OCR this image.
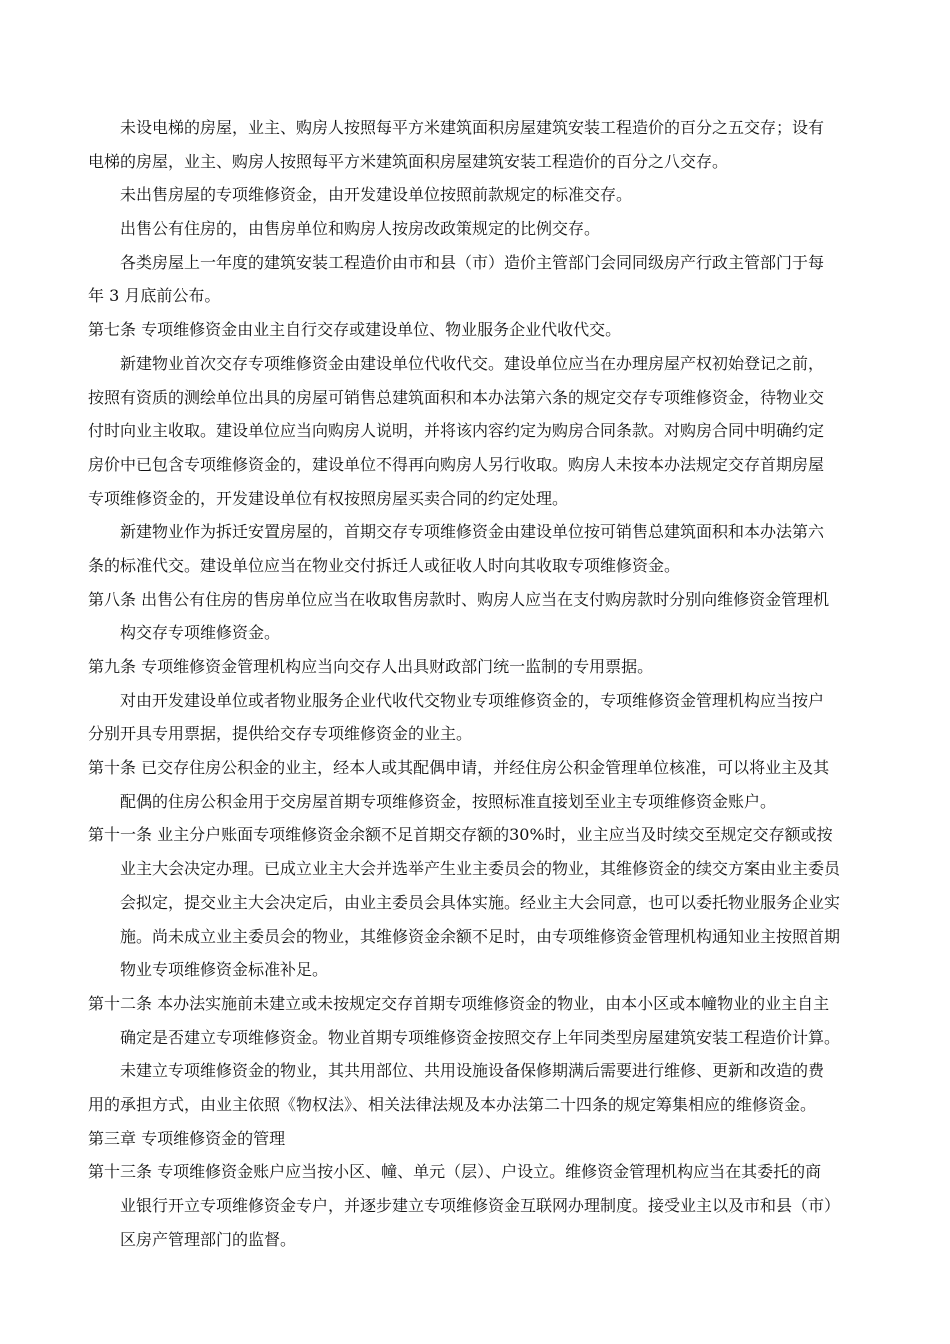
未设电梯的房屋，业主、购房人按照每平方米建筑面积房屋建筑安装工程造价的百分之五交存；设有
电梯的房屋，业主、购房人按照每平方米建筑面积房屋建筑安装工程造价的百分之八交存。
未出售房屋的专项维修资金，由开发建设单位按照前款规定的标准交存。
出售公有住房的，由售房单位和购房人按房改政策规定的比例交存。
各类房屋上一年度的建筑安装工程造价由市和县（市）造价主管部门会同同级房产行政主管部门于每
年 3 月底前公布。
第七条 专项维修资金由业主自行交存或建设单位、物业服务企业代收代交。
新建物业首次交存专项维修资金由建设单位代收代交。建设单位应当在办理房屋产权初始登记之前，
按照有资质的测绘单位出具的房屋可销售总建筑面积和本办法第六条的规定交存专项维修资金，待物业交
付时向业主收取。建设单位应当向购房人说明，并将该内容约定为购房合同条款。对购房合同中明确约定
房价中已包含专项维修资金的，建设单位不得再向购房人另行收取。购房人未按本办法规定交存首期房屋
专项维修资金的，开发建设单位有权按照房屋买卖合同的约定处理。
新建物业作为拆迁安置房屋的，首期交存专项维修资金由建设单位按可销售总建筑面积和本办法第六
条的标准代交。建设单位应当在物业交付拆迁人或征收人时向其收取专项维修资金。
第八条 出售公有住房的售房单位应当在收取售房款时、购房人应当在支付购房款时分别向维修资金管理机
构交存专项维修资金。
第九条 专项维修资金管理机构应当向交存人出具财政部门统一监制的专用票据。
对由开发建设单位或者物业服务企业代收代交物业专项维修资金的，专项维修资金管理机构应当按户
分别开具专用票据，提供给交存专项维修资金的业主。
第十条 已交存住房公积金的业主，经本人或其配偶申请，并经住房公积金管理单位核准，可以将业主及其
配偶的住房公积金用于交房屋首期专项维修资金，按照标准直接划至业主专项维修资金账户。
第十一条 业主分户账面专项维修资金余额不足首期交存额的30%时，业主应当及时续交至规定交存额或按
业主大会决定办理。已成立业主大会并选举产生业主委员会的物业，其维修资金的续交方案由业主委员
会拟定，提交业主大会决定后，由业主委员会具体实施。经业主大会同意，也可以委托物业服务企业实
施。尚未成立业主委员会的物业，其维修资金余额不足时，由专项维修资金管理机构通知业主按照首期
物业专项维修资金标准补足。
第十二条 本办法实施前未建立或未按规定交存首期专项维修资金的物业，由本小区或本幢物业的业主自主
确定是否建立专项维修资金。物业首期专项维修资金按照交存上年同类型房屋建筑安装工程造价计算。
未建立专项维修资金的物业，其共用部位、共用设施设备保修期满后需要进行维修、更新和改造的费
用的承担方式，由业主依照《物权法》、相关法律法规及本办法第二十四条的规定筹集相应的维修资金。
第三章 专项维修资金的管理
第十三条 专项维修资金账户应当按小区、幢、单元（层）、户设立。维修资金管理机构应当在其委托的商
业银行开立专项维修资金专户，并逐步建立专项维修资金互联网办理制度。接受业主以及市和县（市）
区房产管理部门的监督。
